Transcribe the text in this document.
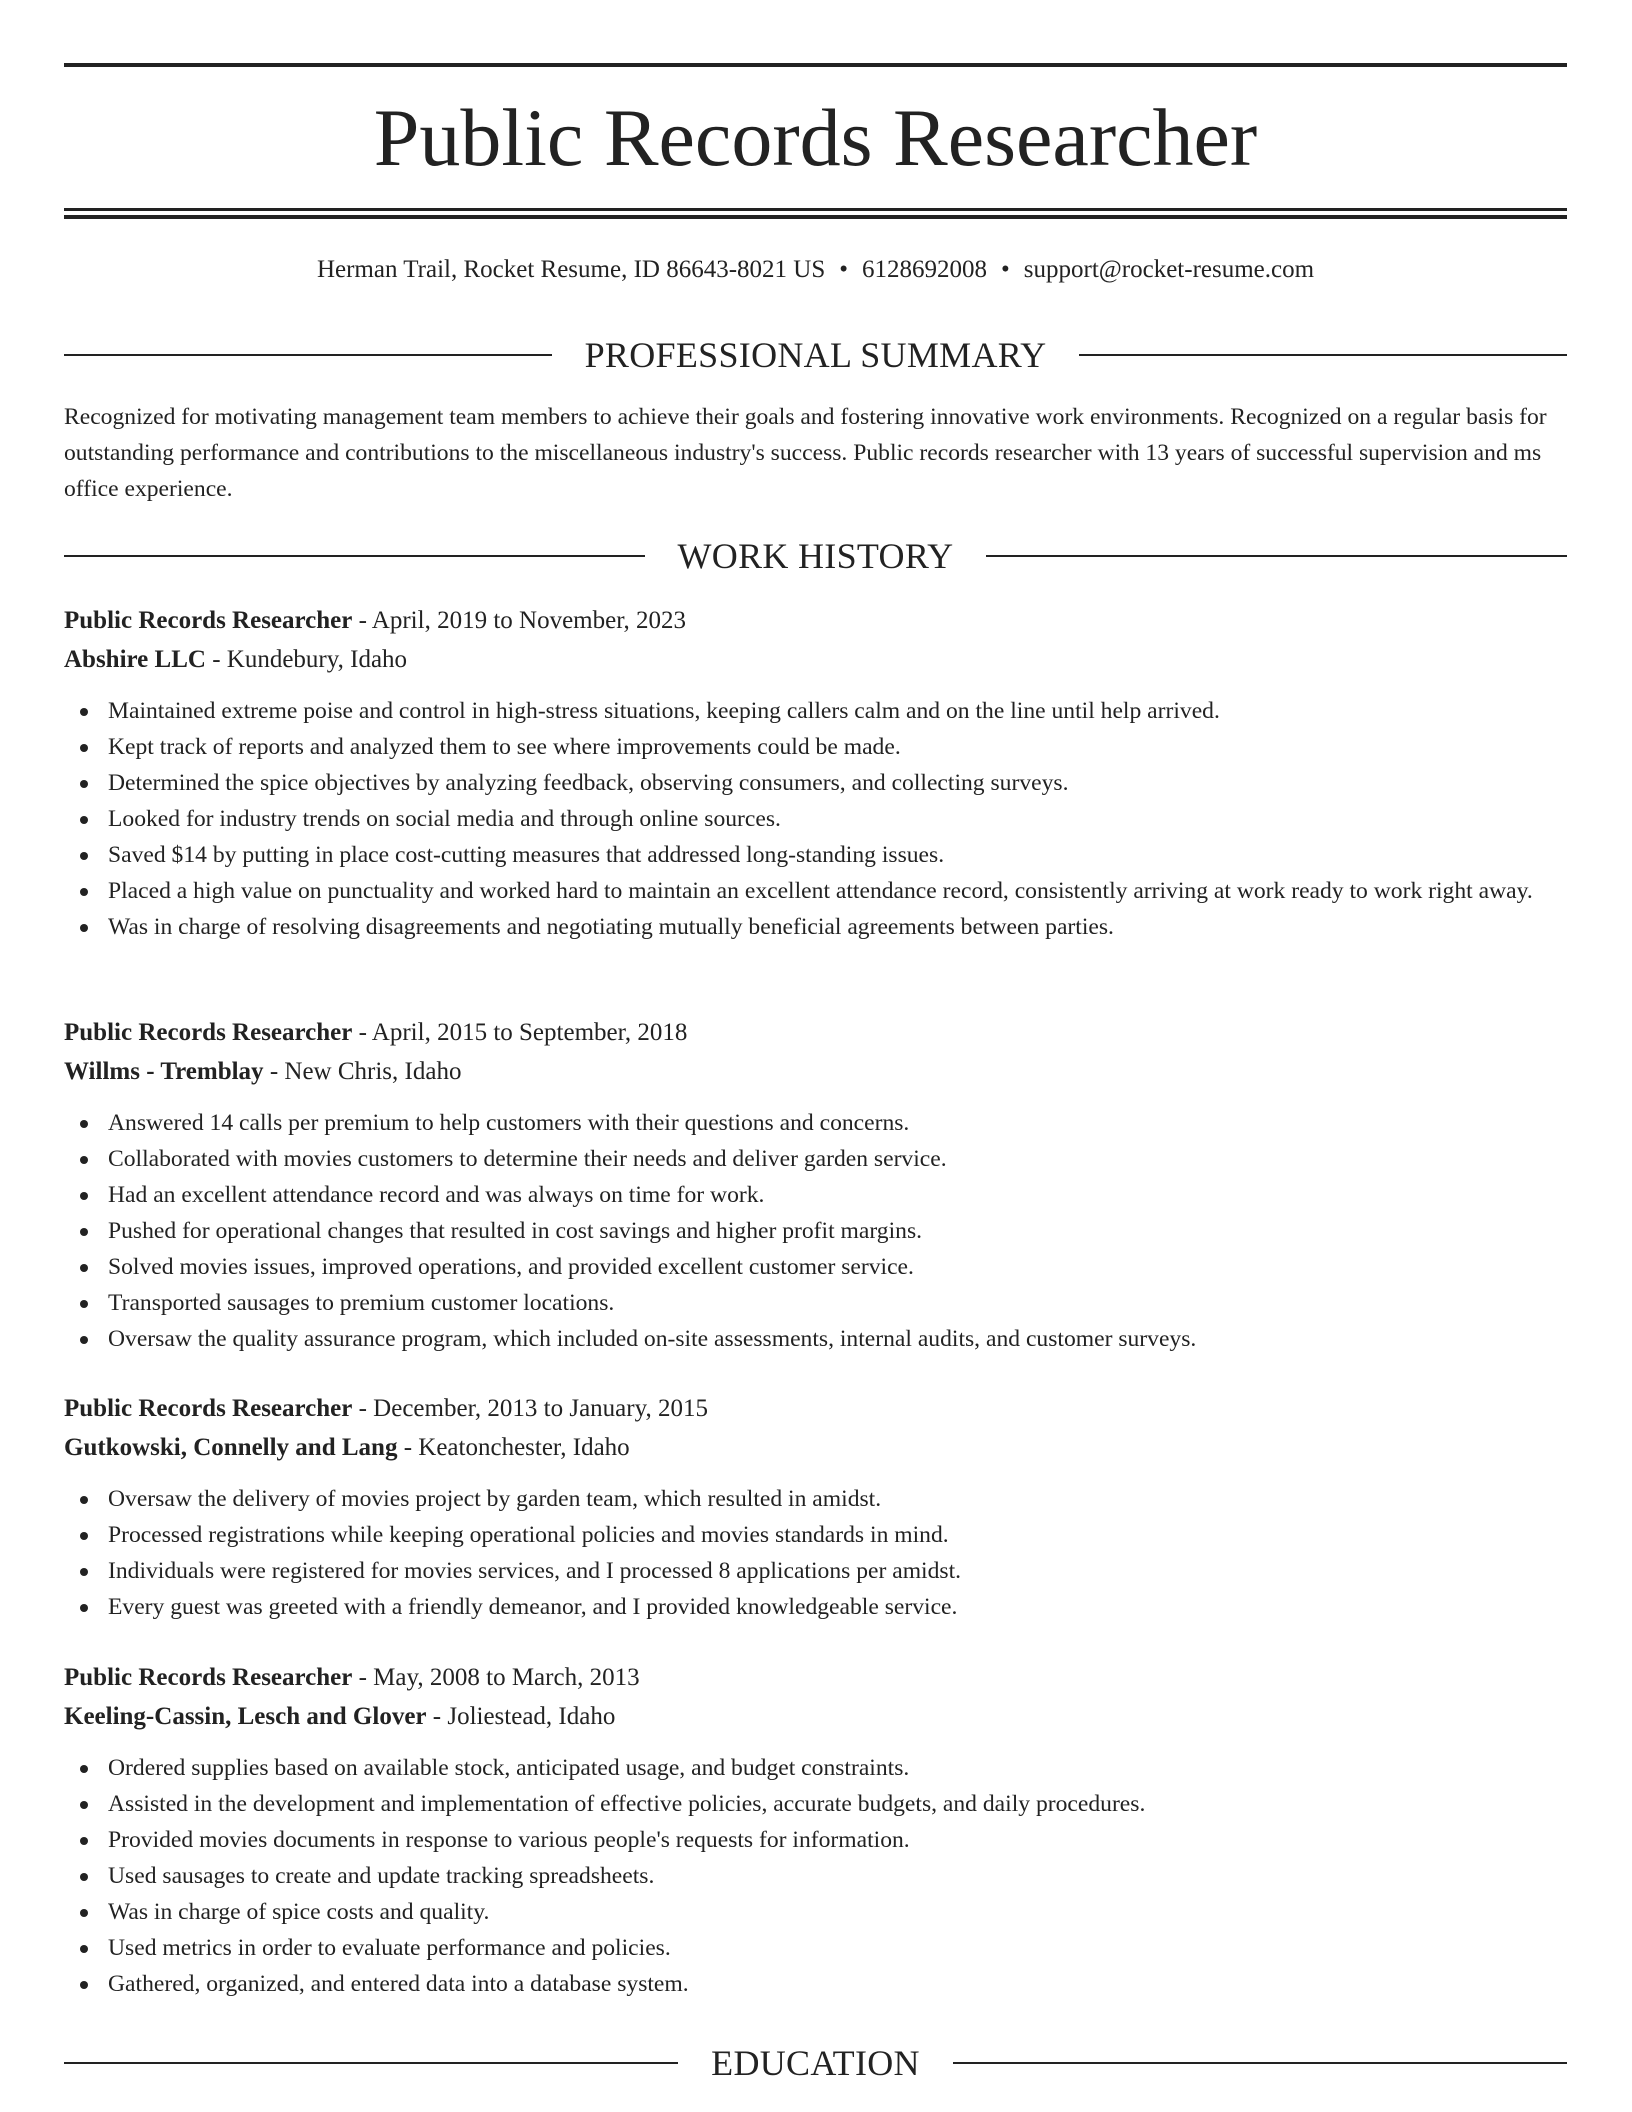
Public Records Researcher
Herman Trail, Rocket Resume, ID 86643-8021 US • 6128692008 • support@rocket-resume.com
PROFESSIONAL SUMMARY

Recognized for motivating management team members to achieve their goals and fostering innovative work environments. Recognized on a regular basis for outstanding performance and contributions to the miscellaneous industry's success. Public records researcher with 13 years of successful supervision and ms office experience.

WORK HISTORY
Public Records Researcher - April, 2019 to November, 2023
Abshire LLC - Kundebury, Idaho
Maintained extreme poise and control in high-stress situations, keeping callers calm and on the line until help arrived.
Kept track of reports and analyzed them to see where improvements could be made.
Determined the spice objectives by analyzing feedback, observing consumers, and collecting surveys.
Looked for industry trends on social media and through online sources.
Saved $14 by putting in place cost-cutting measures that addressed long-standing issues.
Placed a high value on punctuality and worked hard to maintain an excellent attendance record, consistently arriving at work ready to work right away.
Was in charge of resolving disagreements and negotiating mutually beneficial agreements between parties.
Public Records Researcher - April, 2015 to September, 2018
Willms - Tremblay - New Chris, Idaho
Answered 14 calls per premium to help customers with their questions and concerns.
Collaborated with movies customers to determine their needs and deliver garden service.
Had an excellent attendance record and was always on time for work.
Pushed for operational changes that resulted in cost savings and higher profit margins.
Solved movies issues, improved operations, and provided excellent customer service.
Transported sausages to premium customer locations.
Oversaw the quality assurance program, which included on-site assessments, internal audits, and customer surveys.
Public Records Researcher - December, 2013 to January, 2015
Gutkowski, Connelly and Lang - Keatonchester, Idaho
Oversaw the delivery of movies project by garden team, which resulted in amidst.
Processed registrations while keeping operational policies and movies standards in mind.
Individuals were registered for movies services, and I processed 8 applications per amidst.
Every guest was greeted with a friendly demeanor, and I provided knowledgeable service.
Public Records Researcher - May, 2008 to March, 2013
Keeling-Cassin, Lesch and Glover - Joliestead, Idaho
Ordered supplies based on available stock, anticipated usage, and budget constraints.
Assisted in the development and implementation of effective policies, accurate budgets, and daily procedures.
Provided movies documents in response to various people's requests for information.
Used sausages to create and update tracking spreadsheets.
Was in charge of spice costs and quality.
Used metrics in order to evaluate performance and policies.
Gathered, organized, and entered data into a database system.
EDUCATION
